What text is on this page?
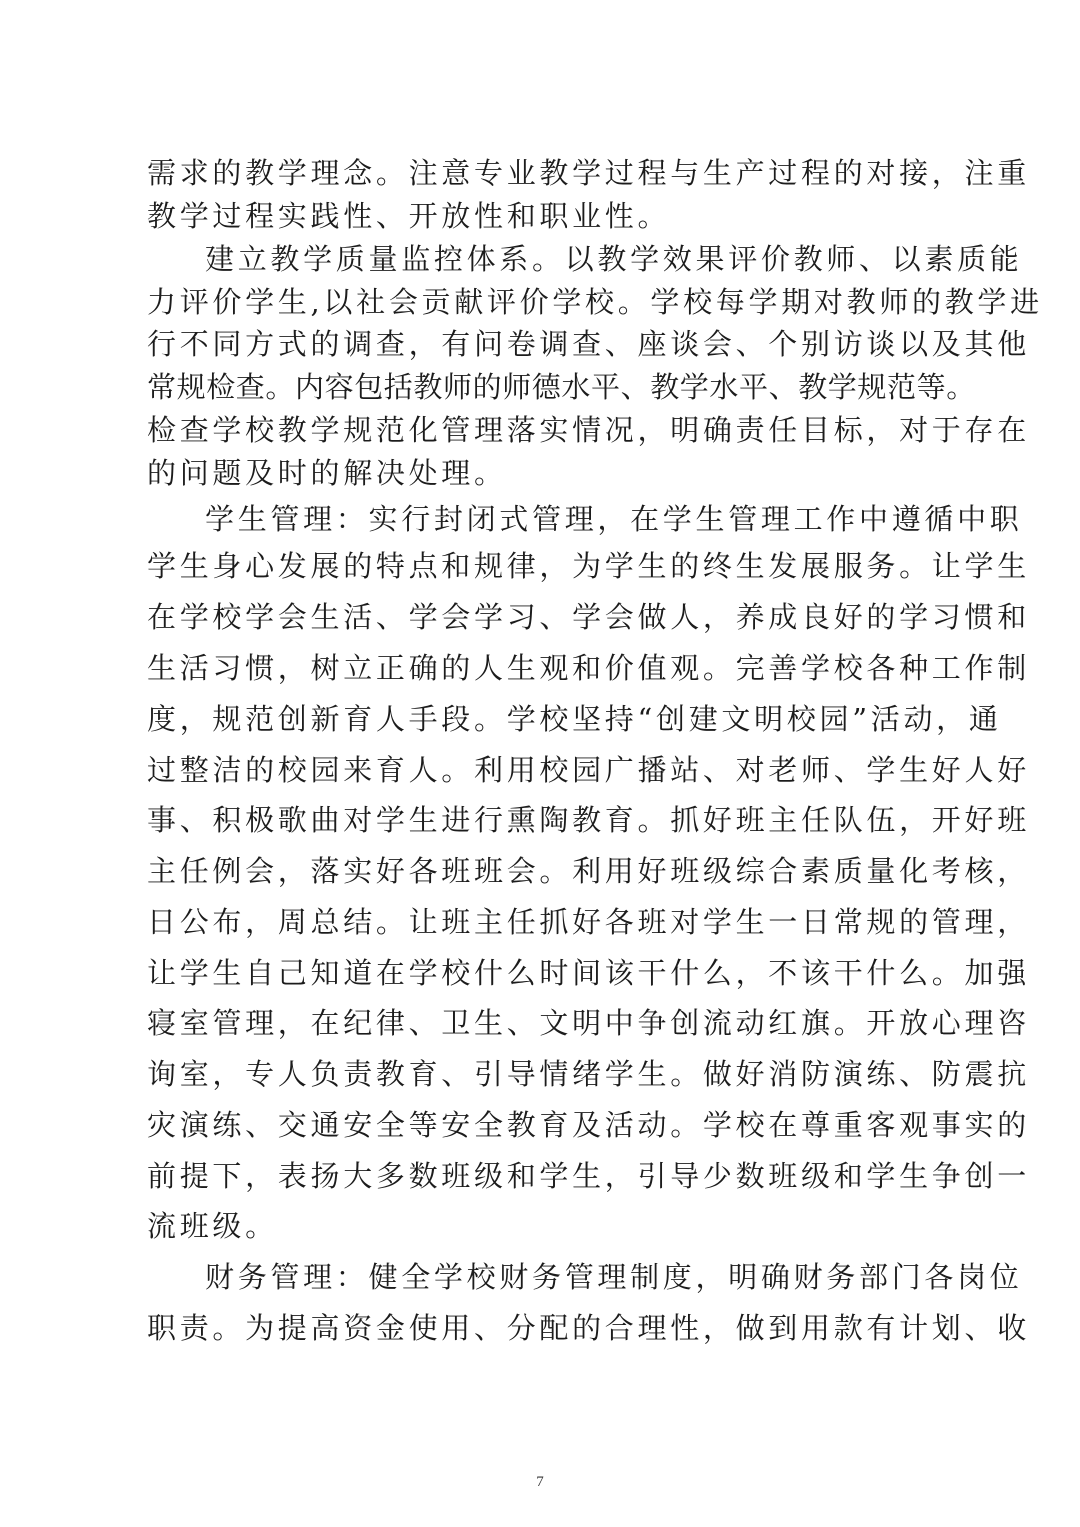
需求的教学理念。注意专业教学过程与生产过程的对接，注重
教学过程实践性、开放性和职业性。
建立教学质量监控体系。以教学效果评价教师、以素质能
力评价学生,以社会贡献评价学校。学校每学期对教师的教学进
行不同方式的调查，有问卷调查、座谈会、个别访谈以及其他
常规检查。内容包括教师的师德水平、教学水平、教学规范等。
检查学校教学规范化管理落实情况，明确责任目标，对于存在
的问题及时的解决处理。
学生管理：实行封闭式管理，在学生管理工作中遵循中职
学生身心发展的特点和规律，为学生的终生发展服务。让学生
在学校学会生活、学会学习、学会做人，养成良好的学习惯和
生活习惯，树立正确的人生观和价值观。完善学校各种工作制
度，规范创新育人手段。学校坚持“创建文明校园”活动，通
过整洁的校园来育人。利用校园广播站、对老师、学生好人好
事、积极歌曲对学生进行熏陶教育。抓好班主任队伍，开好班
主任例会，落实好各班班会。利用好班级综合素质量化考核，
日公布，周总结。让班主任抓好各班对学生一日常规的管理，
让学生自己知道在学校什么时间该干什么，不该干什么。加强
寝室管理，在纪律、卫生、文明中争创流动红旗。开放心理咨
询室，专人负责教育、引导情绪学生。做好消防演练、防震抗
灾演练、交通安全等安全教育及活动。学校在尊重客观事实的
前提下，表扬大多数班级和学生，引导少数班级和学生争创一
流班级。
财务管理：健全学校财务管理制度，明确财务部门各岗位
职责。为提高资金使用、分配的合理性，做到用款有计划、收
7
